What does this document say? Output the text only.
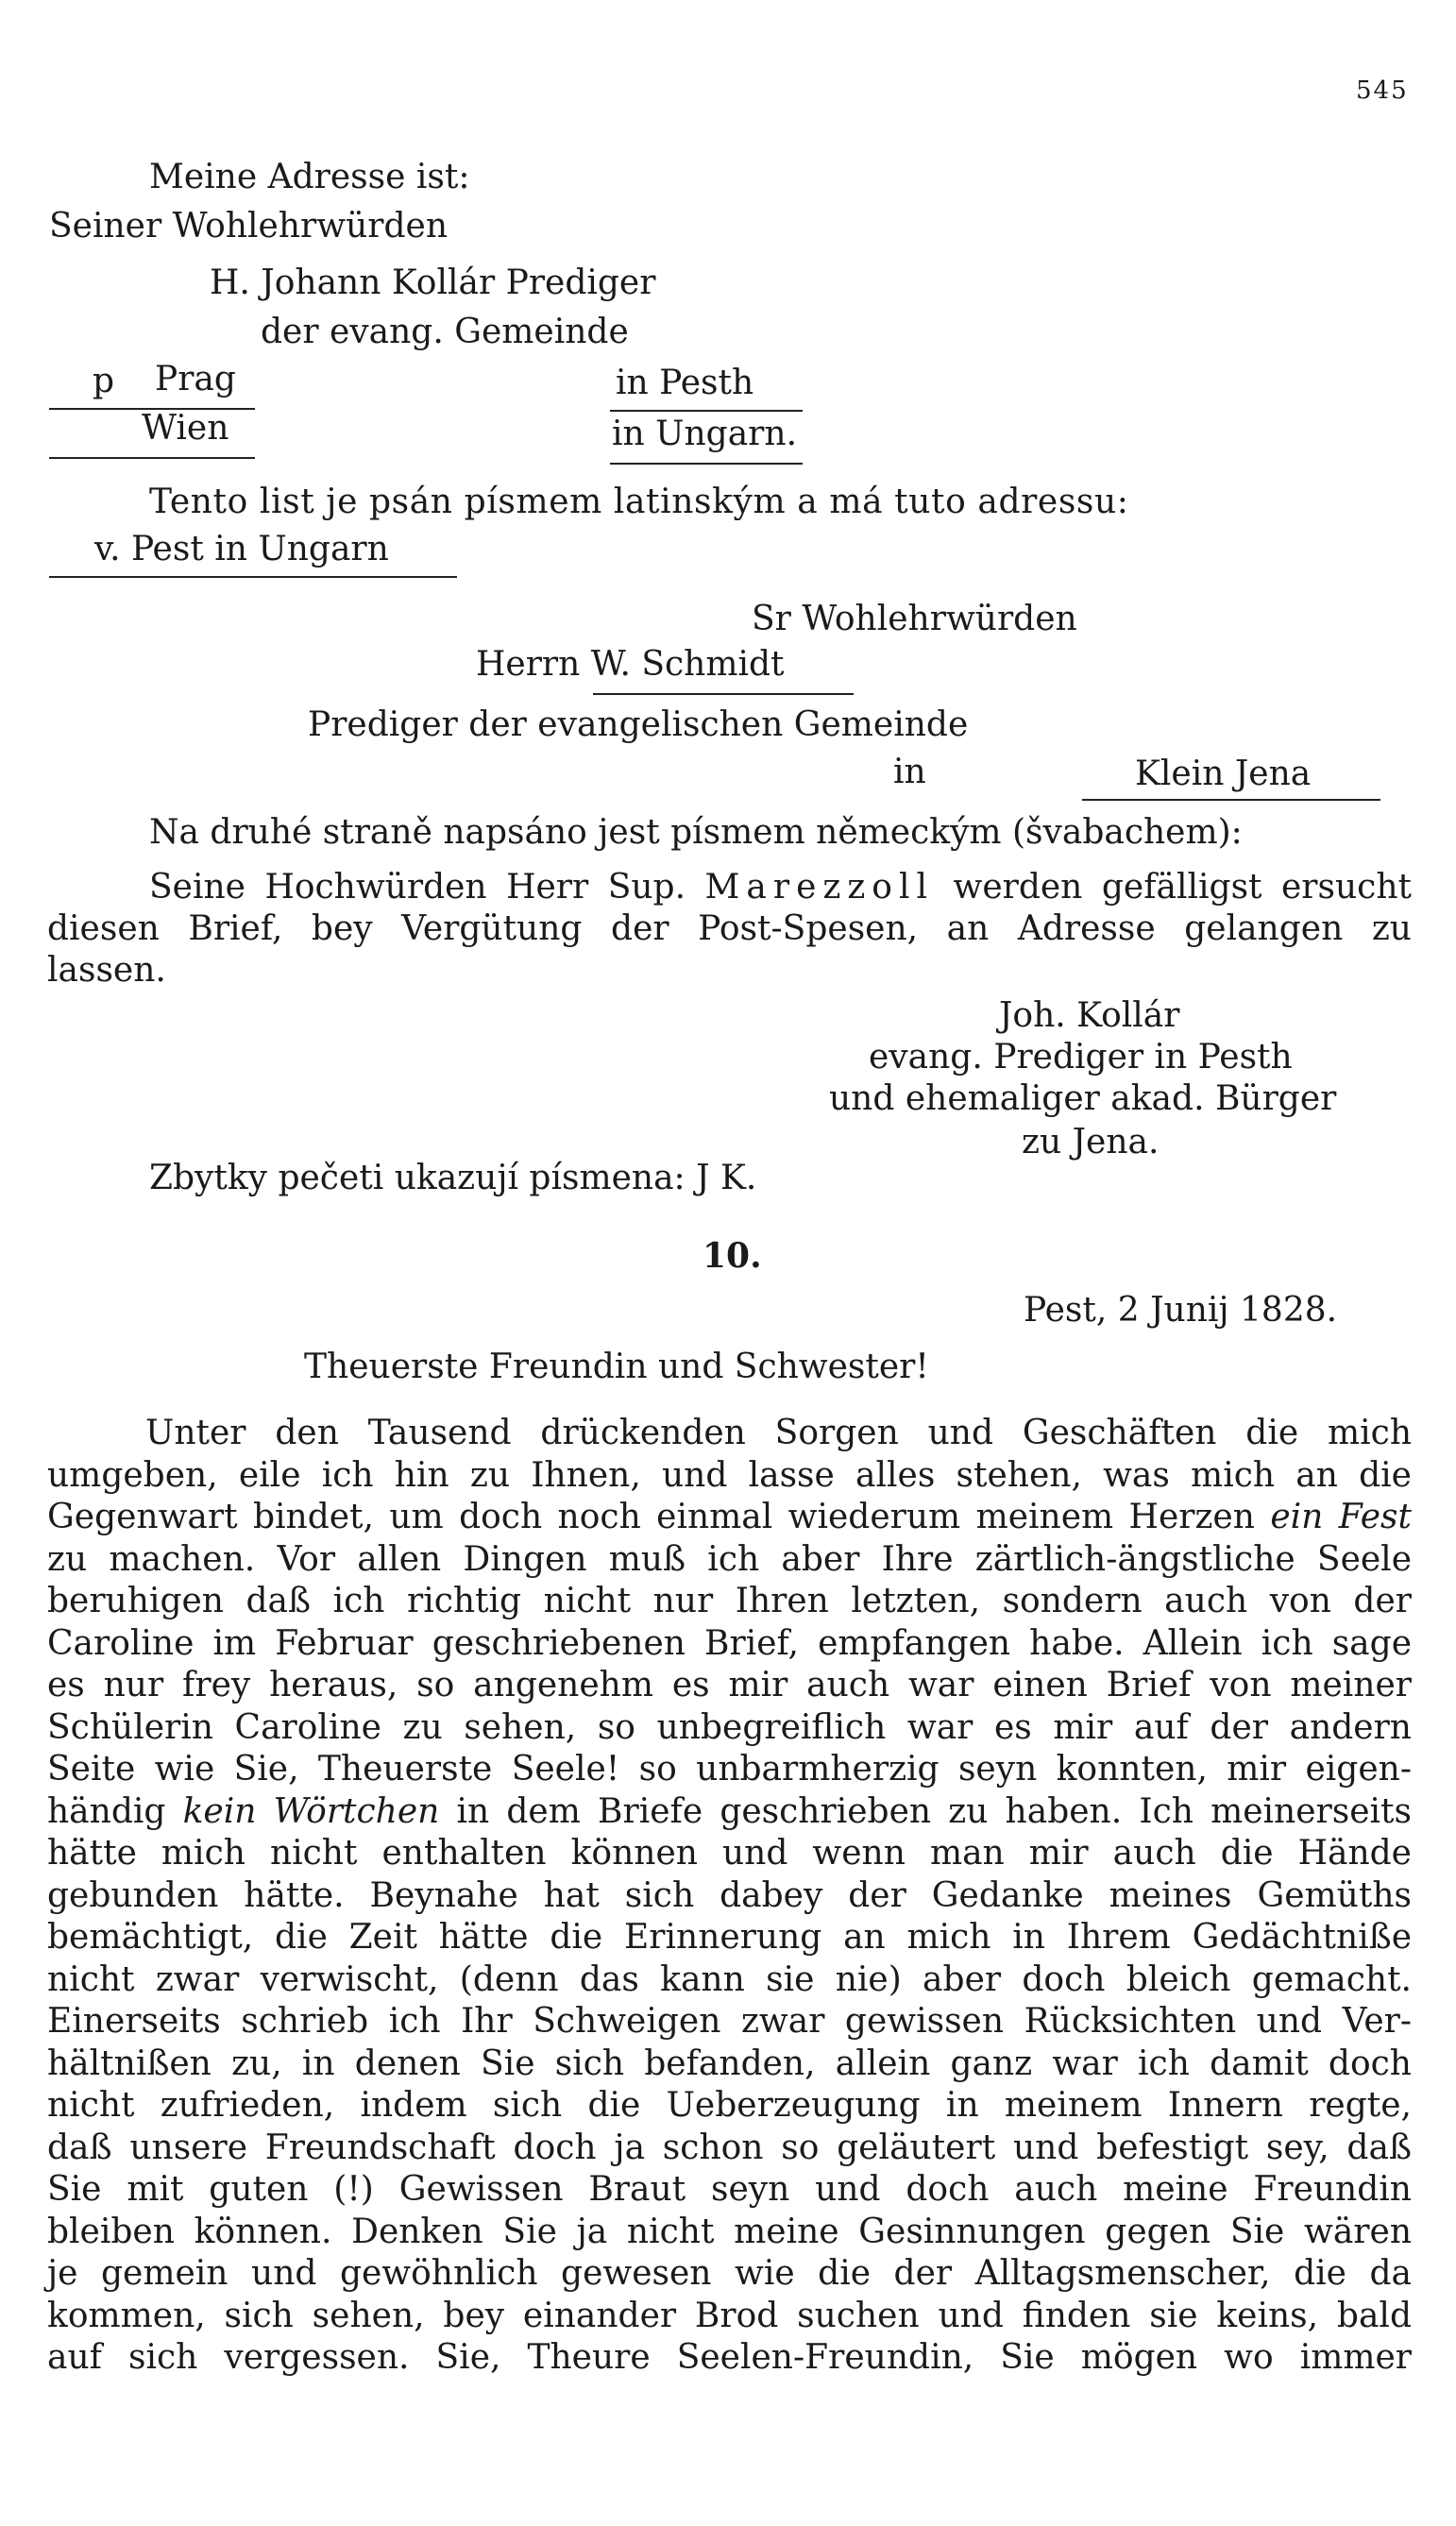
545
Meine Adresse ist:
Seiner Wohlehrwürden
H. Johann Kollár Prediger
der evang. Gemeinde
p Prag
Wien
in Pesth
in Ungarn.
Tento list je psán písmem latinským a má tuto adressu:
v. Pest in Ungarn
Sr Wohlehrwürden
Herrn W. Schmidt
Prediger der evangelischen Gemeinde
in	Klein Jena
Na druhé straně napsáno jest písmem německým (švabachem):

Seine Hochwürden Herr Sup. Marezzoll werden gefälligst ersucht

diesen Brief, bey Vergütung der Post-Spesen, an Adresse gelangen zu

lassen.

Joh. Kollár
evang. Prediger in Pesth
und ehemaliger akad. Bürger
zu Jena.
Zbytky pečeti ukazují písmena: J K.
10.
Pest, 2 Junij 1828.
Theuerste Freundin und Schwester!

Unter den Tausend drückenden Sorgen und Geschäften die mich

umgeben, eile ich hin zu Ihnen, und lasse alles stehen, was mich an die

Gegenwart bindet, um doch noch einmal wiederum meinem Herzen ein Fest

zu machen. Vor allen Dingen muß ich aber Ihre zärtlich-ängstliche Seele

beruhigen daß ich richtig nicht nur Ihren letzten, sondern auch von der

Caroline im Februar geschriebenen Brief, empfangen habe. Allein ich sage

es nur frey heraus, so angenehm es mir auch war einen Brief von meiner

Schülerin Caroline zu sehen, so unbegreiflich war es mir auf der andern

Seite wie Sie, Theuerste Seele! so unbarmherzig seyn konnten, mir eigen-

händig kein Wörtchen in dem Briefe geschrieben zu haben. Ich meinerseits

hätte mich nicht enthalten können und wenn man mir auch die Hände

gebunden hätte. Beynahe hat sich dabey der Gedanke meines Gemüths

bemächtigt, die Zeit hätte die Erinnerung an mich in Ihrem Gedächtniße

nicht zwar verwischt, (denn das kann sie nie) aber doch bleich gemacht.

Einerseits schrieb ich Ihr Schweigen zwar gewissen Rücksichten und Ver-

hältnißen zu, in denen Sie sich befanden, allein ganz war ich damit doch

nicht zufrieden, indem sich die Ueberzeugung in meinem Innern regte,

daß unsere Freundschaft doch ja schon so geläutert und befestigt sey, daß

Sie mit guten (!) Gewissen Braut seyn und doch auch meine Freundin

bleiben können. Denken Sie ja nicht meine Gesinnungen gegen Sie wären

je gemein und gewöhnlich gewesen wie die der Alltagsmenscher, die da

kommen, sich sehen, bey einander Brod suchen und finden sie keins, bald

auf sich vergessen. Sie, Theure Seelen-Freundin, Sie mögen wo immer
